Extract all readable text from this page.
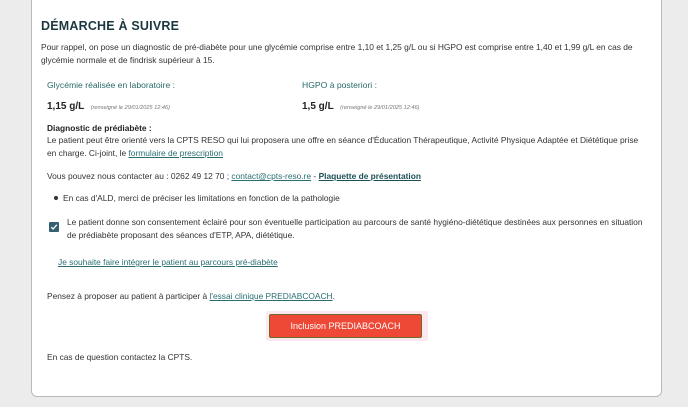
DÉMARCHE À SUIVRE
Pour rappel, on pose un diagnostic de pré-diabète pour une glycémie comprise entre 1,10 et 1,25 g/L ou si HGPO est comprise entre 1,40 et 1,99 g/L en cas de glycémie normale et de findrisk supérieur à 15.
Glycémie réalisée en laboratoire :
1,15 g/L (renseigné le 29/01/2025 12:46)
HGPO à posteriori :
1,5 g/L (renseigné le 29/01/2025 12:46)
Diagnostic de prédiabète :
Le patient peut être orienté vers la CPTS RESO qui lui proposera une offre en séance d'Éducation Thérapeutique, Activité Physique Adaptée et Diététique prise en charge. Ci-joint, le formulaire de prescription
Vous pouvez nous contacter au : 0262 49 12 70 ; contact@cpts-reso.re - Plaquette de présentation
En cas d'ALD, merci de préciser les limitations en fonction de la pathologie
Le patient donne son consentement éclairé pour son éventuelle participation au parcours de santé hygiéno-diététique destinées aux personnes en situation de prédiabète proposant des séances d'ETP, APA, diététique.
Je souhaite faire intégrer le patient au parcours pré-diabète
Pensez à proposer au patient à participer à l'essai clinique PREDIABCOACH.
Inclusion PREDIABCOACH
En cas de question contactez la CPTS.
